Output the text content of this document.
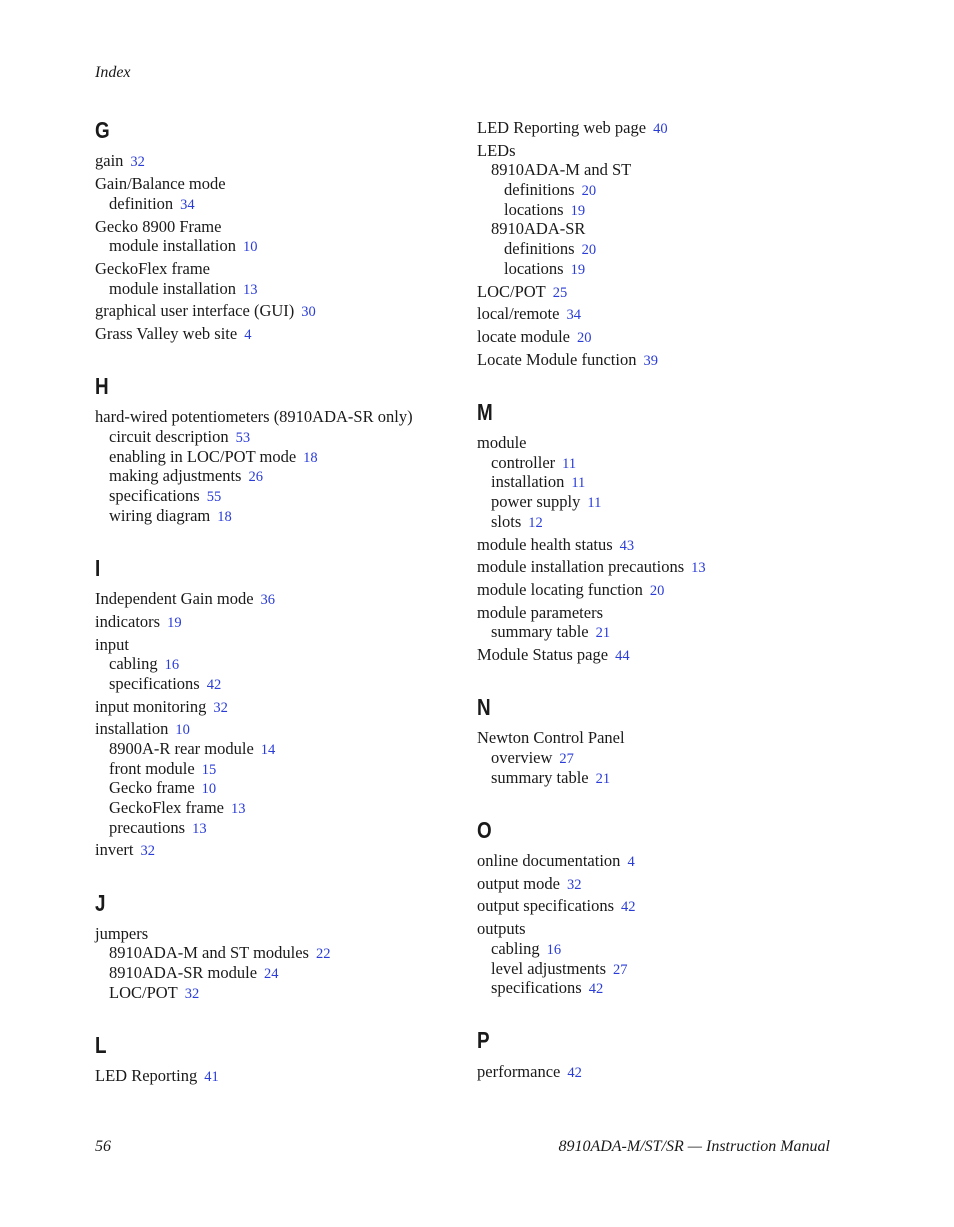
Index
G
gain 32
Gain/Balance mode
definition 34
Gecko 8900 Frame
module installation 10
GeckoFlex frame
module installation 13
graphical user interface (GUI) 30
Grass Valley web site 4
H
hard-wired potentiometers (8910ADA-SR only)
circuit description 53
enabling in LOC/POT mode 18
making adjustments 26
specifications 55
wiring diagram 18
I
Independent Gain mode 36
indicators 19
input
cabling 16
specifications 42
input monitoring 32
installation 10
8900A-R rear module 14
front module 15
Gecko frame 10
GeckoFlex frame 13
precautions 13
invert 32
J
jumpers
8910ADA-M and ST modules 22
8910ADA-SR module 24
LOC/POT 32
L
LED Reporting 41
LED Reporting web page 40
LEDs
8910ADA-M and ST
definitions 20
locations 19
8910ADA-SR
definitions 20
locations 19
LOC/POT 25
local/remote 34
locate module 20
Locate Module function 39
M
module
controller 11
installation 11
power supply 11
slots 12
module health status 43
module installation precautions 13
module locating function 20
module parameters
summary table 21
Module Status page 44
N
Newton Control Panel
overview 27
summary table 21
O
online documentation 4
output mode 32
output specifications 42
outputs
cabling 16
level adjustments 27
specifications 42
P
performance 42
56	8910ADA-M/ST/SR — Instruction Manual
